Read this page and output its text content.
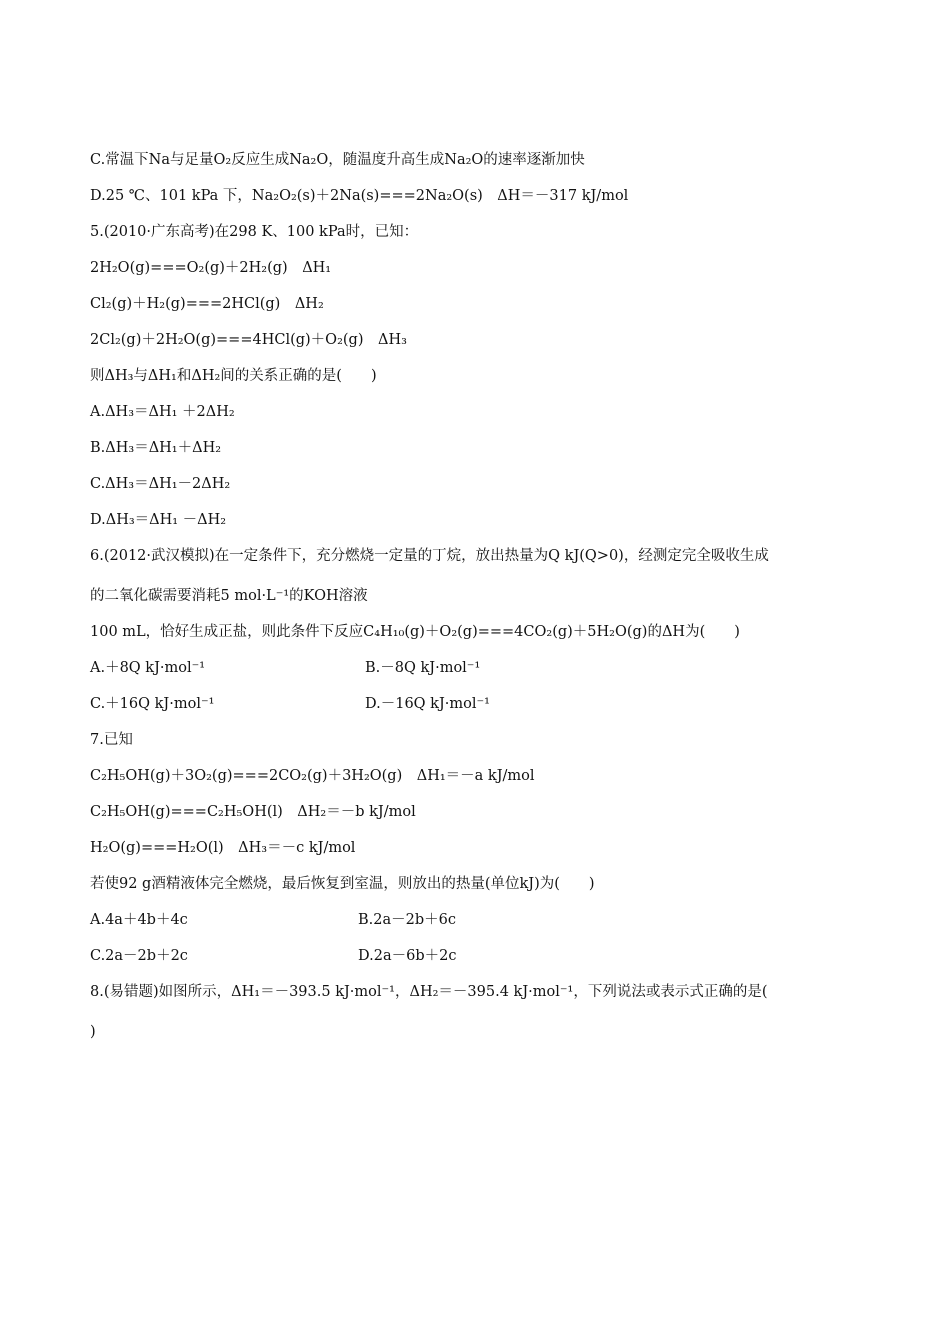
C.常温下Na与足量O₂反应生成Na₂O，随温度升高生成Na₂O的速率逐渐加快
D.25 ℃、101 kPa 下，Na₂O₂(s)＋2Na(s)===2Na₂O(s)　ΔH＝－317 kJ/mol
5.(2010·广东高考)在298 K、100 kPa时，已知：
2H₂O(g)===O₂(g)＋2H₂(g)　ΔH₁
Cl₂(g)＋H₂(g)===2HCl(g)　ΔH₂
2Cl₂(g)＋2H₂O(g)===4HCl(g)＋O₂(g)　ΔH₃
则ΔH₃与ΔH₁和ΔH₂间的关系正确的是(　　)
A.ΔH₃＝ΔH₁ ＋2ΔH₂
B.ΔH₃＝ΔH₁＋ΔH₂
C.ΔH₃＝ΔH₁－2ΔH₂
D.ΔH₃＝ΔH₁ －ΔH₂
6.(2012·武汉模拟)在一定条件下，充分燃烧一定量的丁烷，放出热量为Q kJ(Q>0)，经测定完全吸收生成
的二氧化碳需要消耗5 mol·L⁻¹的KOH溶液
100 mL，恰好生成正盐，则此条件下反应C₄H₁₀(g)＋O₂(g)===4CO₂(g)＋5H₂O(g)的ΔH为(　　)
A.＋8Q kJ·mol⁻¹	B.－8Q kJ·mol⁻¹
C.＋16Q kJ·mol⁻¹	D.－16Q kJ·mol⁻¹
7.已知
C₂H₅OH(g)＋3O₂(g)===2CO₂(g)＋3H₂O(g)　ΔH₁＝－a kJ/mol
C₂H₅OH(g)===C₂H₅OH(l)　ΔH₂＝－b kJ/mol
H₂O(g)===H₂O(l)　ΔH₃＝－c kJ/mol
若使92 g酒精液体完全燃烧，最后恢复到室温，则放出的热量(单位kJ)为(　　)
A.4a＋4b＋4c	B.2a－2b＋6c
C.2a－2b＋2c	D.2a－6b＋2c
8.(易错题)如图所示，ΔH₁＝－393.5 kJ·mol⁻¹，ΔH₂＝－395.4 kJ·mol⁻¹，下列说法或表示式正确的是(
)
